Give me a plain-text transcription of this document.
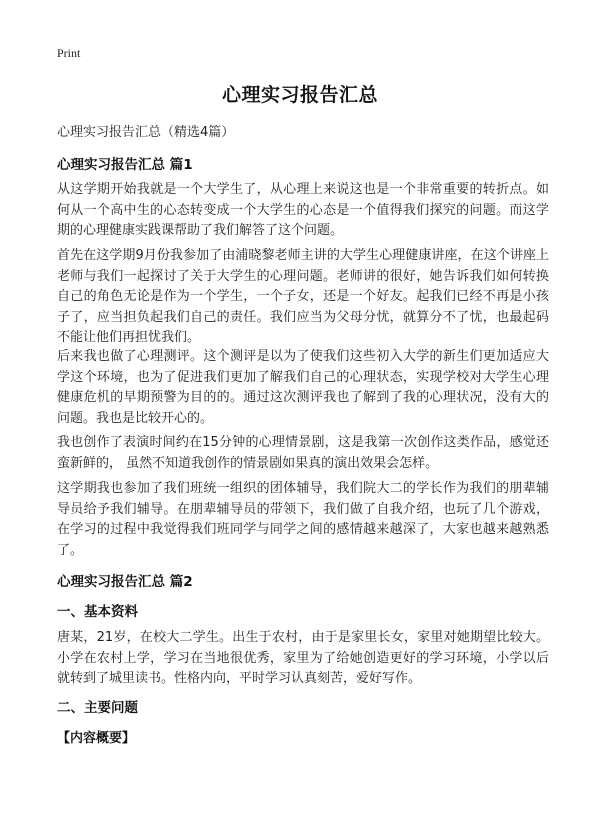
Print
心理实习报告汇总
心理实习报告汇总（精选4篇）
心理实习报告汇总 篇1

从这学期开始我就是一个大学生了，从心理上来说这也是一个非常重要的转折点。如何从一个高中生的心态转变成一个大学生的心态是一个值得我们探究的问题。而这学期的心理健康实践课帮助了我们解答了这个问题。

首先在这学期9月份我参加了由浦晓黎老师主讲的大学生心理健康讲座，在这个讲座上老师与我们一起探讨了关于大学生的心理问题。老师讲的很好，她告诉我们如何转换自己的角色无论是作为一个学生，一个子女，还是一个好友。起我们已经不再是小孩子了，应当担负起我们自己的责任。我们应当为父母分忧，就算分不了忧，也最起码不能让他们再担忧我们。

后来我也做了心理测评。这个测评是以为了使我们这些初入大学的新生们更加适应大学这个环境，也为了促进我们更加了解我们自己的心理状态，实现学校对大学生心理健康危机的早期预警为目的的。通过这次测评我也了解到了我的心理状况，没有大的问题。我也是比较开心的。

我也创作了表演时间约在15分钟的心理情景剧，这是我第一次创作这类作品，感觉还蛮新鲜的， 虽然不知道我创作的情景剧如果真的演出效果会怎样。

这学期我也参加了我们班统一组织的团体辅导，我们院大二的学长作为我们的朋辈辅导员给予我们辅导。在朋辈辅导员的带领下，我们做了自我介绍，也玩了几个游戏，在学习的过程中我觉得我们班同学与同学之间的感情越来越深了，大家也越来越熟悉了。

心理实习报告汇总 篇2
一、基本资料

唐某，21岁，在校大二学生。出生于农村，由于是家里长女，家里对她期望比较大。小学在农村上学，学习在当地很优秀，家里为了给她创造更好的学习环境，小学以后就转到了城里读书。性格内向，平时学习认真刻苦，爱好写作。

二、主要问题
【内容概要】
